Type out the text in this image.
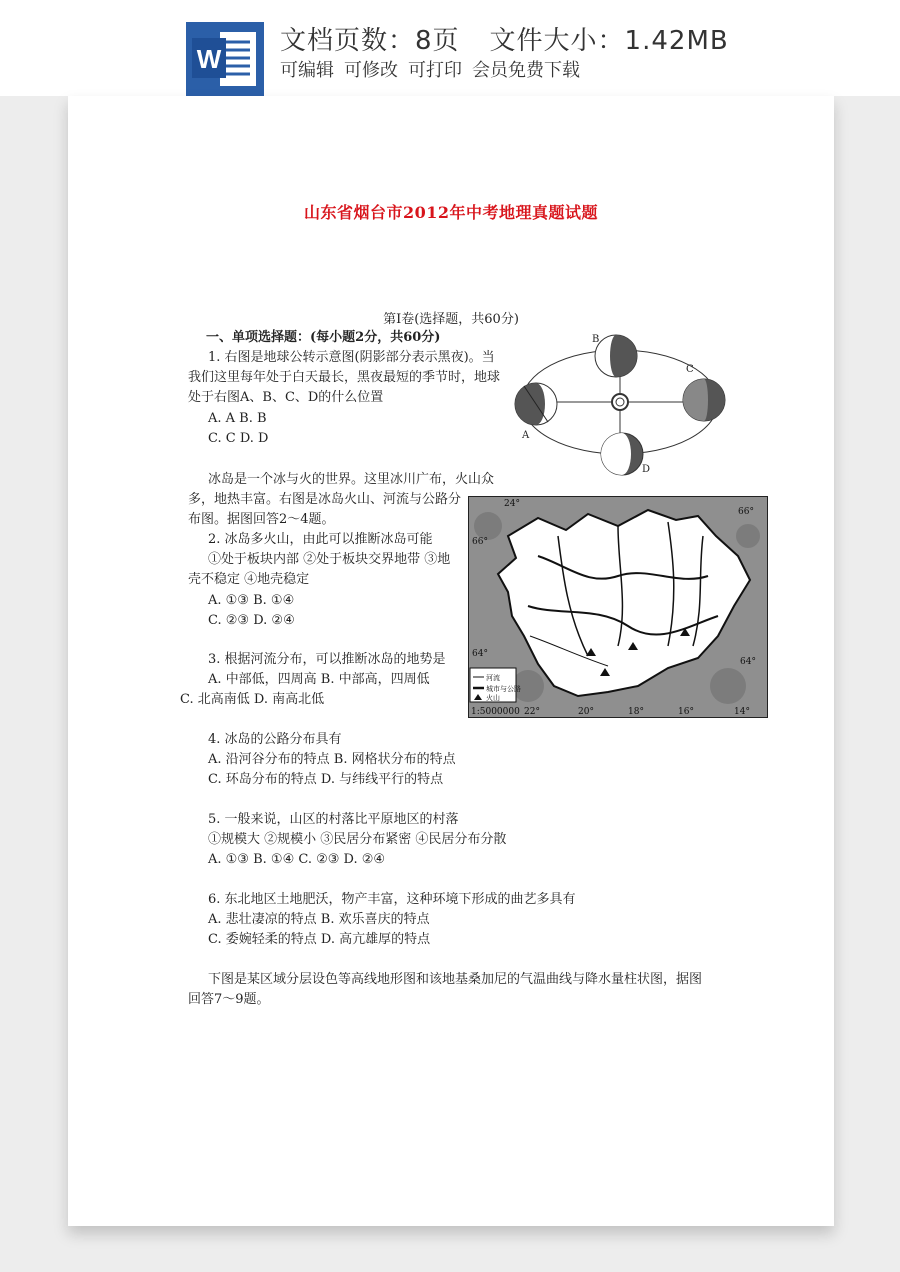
W
文档页数：8页 文件大小：1.42MB
可编辑 可修改 可打印 会员免费下载
山东省烟台市2012年中考地理真题试题
第Ⅰ卷(选择题，共60分)
一、单项选择题：(每小题2分，共60分)
1. 右图是地球公转示意图(阴影部分表示黑夜)。当
我们这里每年处于白天最长，黑夜最短的季节时，地球
处于右图A、B、C、D的什么位置
A. A B. B
C. C D. D	A
B
C
D
冰岛是一个冰与火的世界。这里冰川广布，火山众
多，地热丰富。右图是冰岛火山、河流与公路分
布图。据图回答2～4题。
2. 冰岛多火山，由此可以推断冰岛可能
①处于板块内部 ②处于板块交界地带 ③地
壳不稳定 ④地壳稳定
A. ①③ B. ①④
C. ②③ D. ②④
66°
66°
64°
64°
24°
22°	20°	18°	16°	14°
河流
城市与公路
火山
1:5000000
3. 根据河流分布，可以推断冰岛的地势是
A. 中部低，四周高 B. 中部高，四周低
C. 北高南低 D. 南高北低
4. 冰岛的公路分布具有
A. 沿河谷分布的特点 B. 网格状分布的特点
C. 环岛分布的特点 D. 与纬线平行的特点
5. 一般来说，山区的村落比平原地区的村落
①规模大 ②规模小 ③民居分布紧密 ④民居分布分散
A. ①③ B. ①④ C. ②③ D. ②④
6. 东北地区土地肥沃，物产丰富，这种环境下形成的曲艺多具有
A. 悲壮凄凉的特点 B. 欢乐喜庆的特点
C. 委婉轻柔的特点 D. 高亢雄厚的特点
下图是某区域分层设色等高线地形图和该地基桑加尼的气温曲线与降水量柱状图，据图
回答7～9题。
